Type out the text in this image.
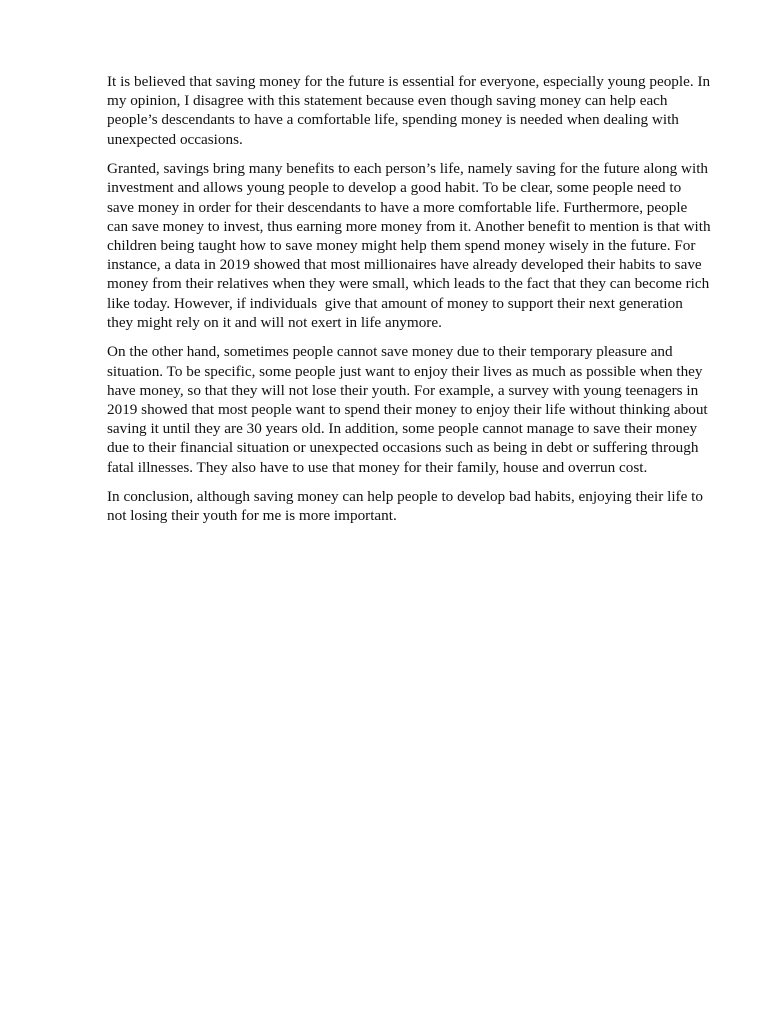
It is believed that saving money for the future is essential for everyone, especially young people. In my opinion, I disagree with this statement because even though saving money can help each people’s descendants to have a comfortable life, spending money is needed when dealing with unexpected occasions.

Granted, savings bring many benefits to each person’s life, namely saving for the future along with investment and allows young people to develop a good habit. To be clear, some people need to save money in order for their descendants to have a more comfortable life. Furthermore, people can save money to invest, thus earning more money from it. Another benefit to mention is that with children being taught how to save money might help them spend money wisely in the future. For instance, a data in 2019 showed that most millionaires have already developed their habits to save money from their relatives when they were small, which leads to the fact that they can become rich like today. However, if individuals  give that amount of money to support their next generation they might rely on it and will not exert in life anymore.

On the other hand, sometimes people cannot save money due to their temporary pleasure and situation. To be specific, some people just want to enjoy their lives as much as possible when they have money, so that they will not lose their youth. For example, a survey with young teenagers in 2019 showed that most people want to spend their money to enjoy their life without thinking about saving it until they are 30 years old. In addition, some people cannot manage to save their money due to their financial situation or unexpected occasions such as being in debt or suffering through fatal illnesses. They also have to use that money for their family, house and overrun cost.

In conclusion, although saving money can help people to develop bad habits, enjoying their life to not losing their youth for me is more important.
